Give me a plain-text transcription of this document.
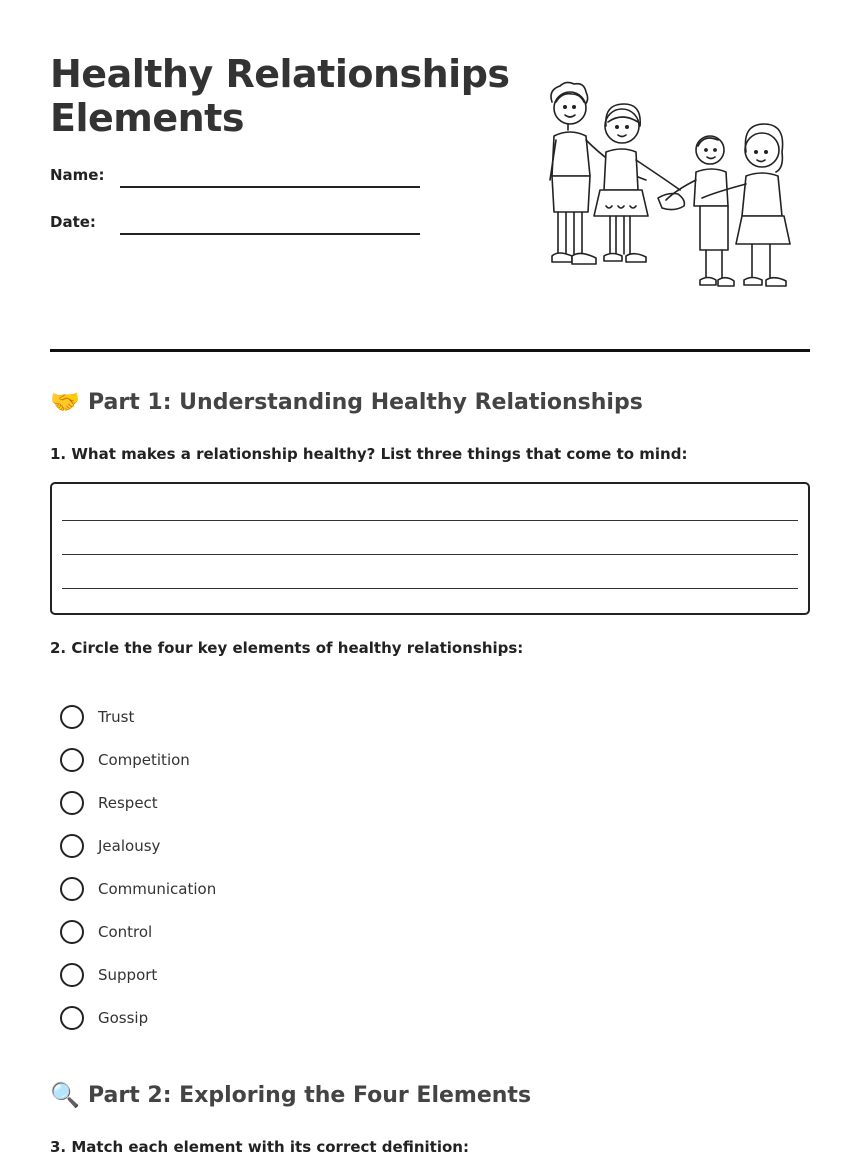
Healthy Relationships
Elements
Name:
Date:
🤝 Part 1: Understanding Healthy Relationships
1. What makes a relationship healthy? List three things that come to mind:
2. Circle the four key elements of healthy relationships:
Trust
Competition
Respect
Jealousy
Communication
Control
Support
Gossip
🔍 Part 2: Exploring the Four Elements
3. Match each element with its correct definition:
